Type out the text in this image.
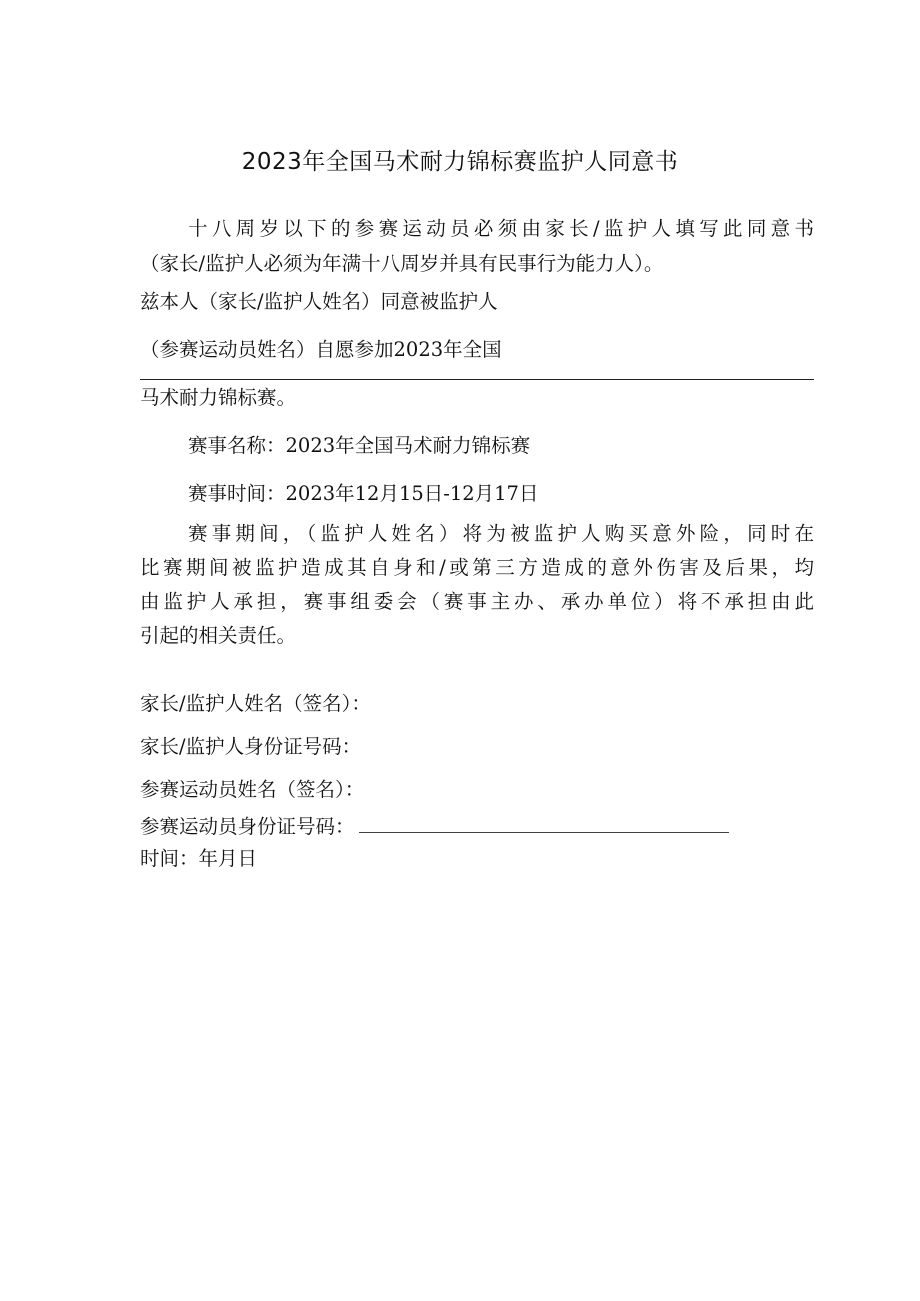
2023年全国马术耐力锦标赛监护人同意书
十八周岁以下的参赛运动员必须由家长/监护人填写此同意书
（家长/监护人必须为年满十八周岁并具有民事行为能力人）。
兹本人（家长/监护人姓名）同意被监护人
（参赛运动员姓名）自愿参加2023年全国
马术耐力锦标赛。
赛事名称：2023年全国马术耐力锦标赛
赛事时间：2023年12月15日-12月17日
赛事期间，（监护人姓名）将为被监护人购买意外险，同时在
比赛期间被监护造成其自身和/或第三方造成的意外伤害及后果，均
由监护人承担，赛事组委会（赛事主办、承办单位）将不承担由此
引起的相关责任。
家长/监护人姓名（签名）：
家长/监护人身份证号码：
参赛运动员姓名（签名）：
参赛运动员身份证号码：
时间：年月日
